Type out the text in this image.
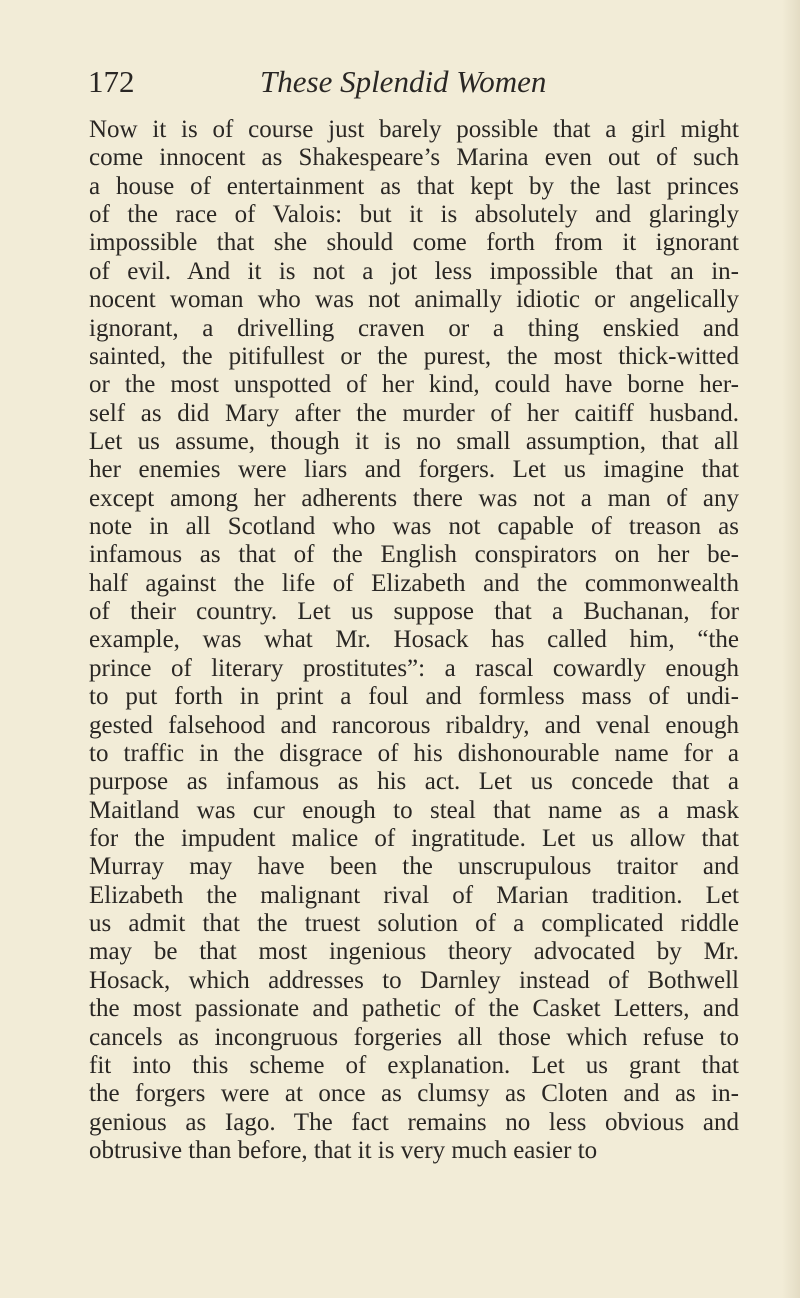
172	These Splendid Women
Now it is of course just barely possible that a girl might
come innocent as Shakespeare’s Marina even out of such
a house of entertainment as that kept by the last princes
of the race of Valois: but it is absolutely and glaringly
impossible that she should come forth from it ignorant
of evil. And it is not a jot less impossible that an in-
nocent woman who was not animally idiotic or angelically
ignorant, a drivelling craven or a thing enskied and
sainted, the pitifullest or the purest, the most thick-witted
or the most unspotted of her kind, could have borne her-
self as did Mary after the murder of her caitiff husband.
Let us assume, though it is no small assumption, that all
her enemies were liars and forgers. Let us imagine that
except among her adherents there was not a man of any
note in all Scotland who was not capable of treason as
infamous as that of the English conspirators on her be-
half against the life of Elizabeth and the commonwealth
of their country. Let us suppose that a Buchanan, for
example, was what Mr. Hosack has called him, “the
prince of literary prostitutes”: a rascal cowardly enough
to put forth in print a foul and formless mass of undi-
gested falsehood and rancorous ribaldry, and venal enough
to traffic in the disgrace of his dishonourable name for a
purpose as infamous as his act. Let us concede that a
Maitland was cur enough to steal that name as a mask
for the impudent malice of ingratitude. Let us allow that
Murray may have been the unscrupulous traitor and
Elizabeth the malignant rival of Marian tradition. Let
us admit that the truest solution of a complicated riddle
may be that most ingenious theory advocated by Mr.
Hosack, which addresses to Darnley instead of Bothwell
the most passionate and pathetic of the Casket Letters, and
cancels as incongruous forgeries all those which refuse to
fit into this scheme of explanation. Let us grant that
the forgers were at once as clumsy as Cloten and as in-
genious as Iago. The fact remains no less obvious and
obtrusive than before, that it is very much easier to
